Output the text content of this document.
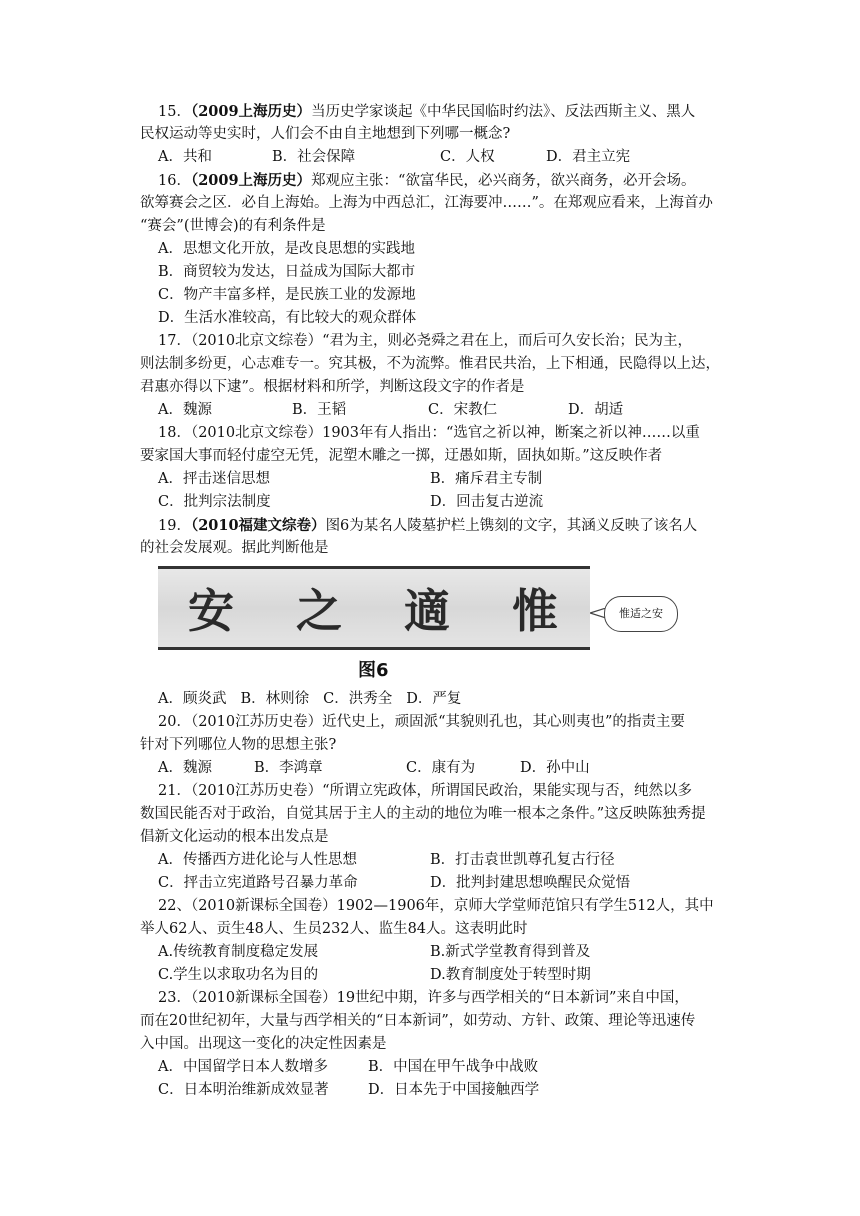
15．（2009上海历史）当历史学家谈起《中华民国临时约法》、反法西斯主义、黑人
民权运动等史实时，人们会不由自主地想到下列哪一概念?
A．共和	B．社会保障	C．人权	D．君主立宪
16．（2009上海历史）郑观应主张：“欲富华民，必兴商务，欲兴商务，必开会场。
欲筹赛会之区．必自上海始。上海为中西总汇，江海要冲……”。在郑观应看来，上海首办
“赛会”(世博会)的有利条件是
A．思想文化开放，是改良思想的实践地
B．商贸较为发达，日益成为国际大都市
C．物产丰富多样，是民族工业的发源地
D．生活水准较高，有比较大的观众群体
17．（2010北京文综卷）“君为主，则必尧舜之君在上，而后可久安长治；民为主，
则法制多纷更，心志难专一。究其极，不为流弊。惟君民共治，上下相通，民隐得以上达，
君惠亦得以下逮”。根据材料和所学，判断这段文字的作者是
A．魏源	B．王韬	C．宋教仁	D．胡适
18．（2010北京文综卷）1903年有人指出：“选官之祈以神，断案之祈以神……以重
要家国大事而轻付虚空无凭，泥塑木雕之一掷，迂愚如斯，固执如斯。”这反映作者
A．抨击迷信思想	B．痛斥君主专制
C．批判宗法制度	D．回击复古逆流
19．（2010福建文综卷）图6为某名人陵墓护栏上镌刻的文字，其涵义反映了该名人
的社会发展观。据此判断他是
安 之 適 惟	惟适之安
图6
A．顾炎武 B．林则徐 C．洪秀全 D．严复
20．（2010江苏历史卷）近代史上，顽固派“其貌则孔也，其心则夷也”的指责主要
针对下列哪位人物的思想主张?
A．魏源	B．李鸿章	C．康有为	D．孙中山
21．（2010江苏历史卷）“所谓立宪政体，所谓国民政治，果能实现与否，纯然以多
数国民能否对于政治，自觉其居于主人的主动的地位为唯一根本之条件。”这反映陈独秀提
倡新文化运动的根本出发点是
A．传播西方进化论与人性思想	B．打击袁世凯尊孔复古行径
C．抨击立宪道路号召暴力革命	D．批判封建思想唤醒民众觉悟
22、（2010新课标全国卷）1902—1906年，京师大学堂师范馆只有学生512人，其中
举人62人、贡生48人、生员232人、监生84人。这表明此时
A.传统教育制度稳定发展	B.新式学堂教育得到普及
C.学生以求取功名为目的	D.教育制度处于转型时期
23．（2010新课标全国卷）19世纪中期，许多与西学相关的“日本新词”来自中国，
而在20世纪初年，大量与西学相关的“日本新词”，如劳动、方针、政策、理论等迅速传
入中国。出现这一变化的决定性因素是
A．中国留学日本人数增多	B．中国在甲午战争中战败
C．日本明治维新成效显著	D．日本先于中国接触西学
